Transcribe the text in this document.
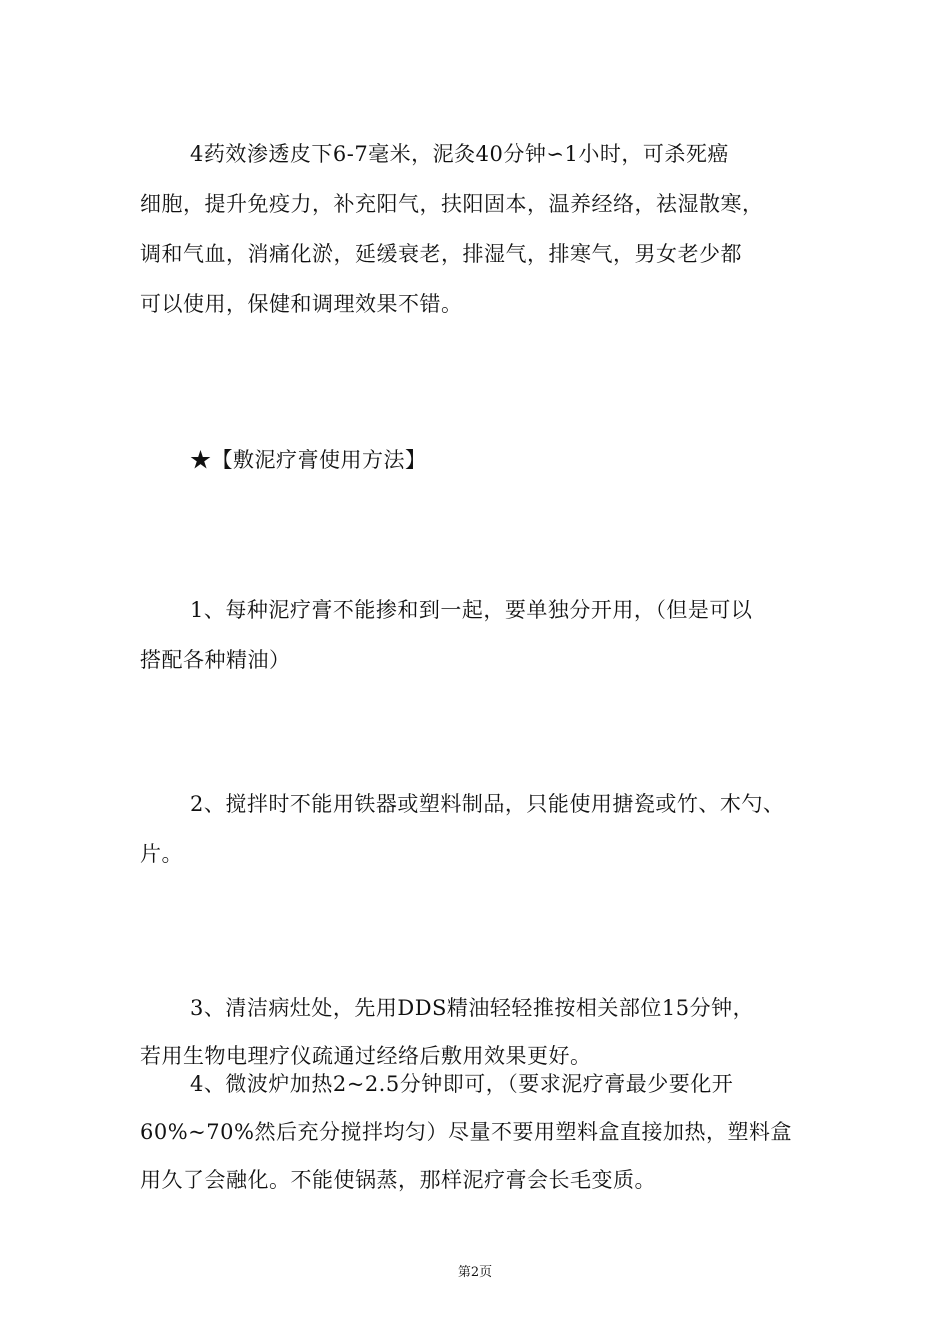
4药效渗透皮下6-7毫米，泥灸40分钟∽1小时，可杀死癌
细胞，提升免疫力，补充阳气，扶阳固本，温养经络，祛湿散寒，
调和气血，消痛化淤，延缓衰老，排湿气，排寒气，男女老少都
可以使用，保健和调理效果不错。
★【敷泥疗膏使用方法】
1、每种泥疗膏不能掺和到一起，要单独分开用，（但是可以
搭配各种精油）
2、搅拌时不能用铁器或塑料制品，只能使用搪瓷或竹、木勺、
片。
3、清洁病灶处，先用DDS精油轻轻推按相关部位15分钟，
若用生物电理疗仪疏通过经络后敷用效果更好。
4、微波炉加热2~2.5分钟即可，（要求泥疗膏最少要化开
60%~70%然后充分搅拌均匀）尽量不要用塑料盒直接加热，塑料盒
用久了会融化。不能使锅蒸，那样泥疗膏会长毛变质。
第2页
